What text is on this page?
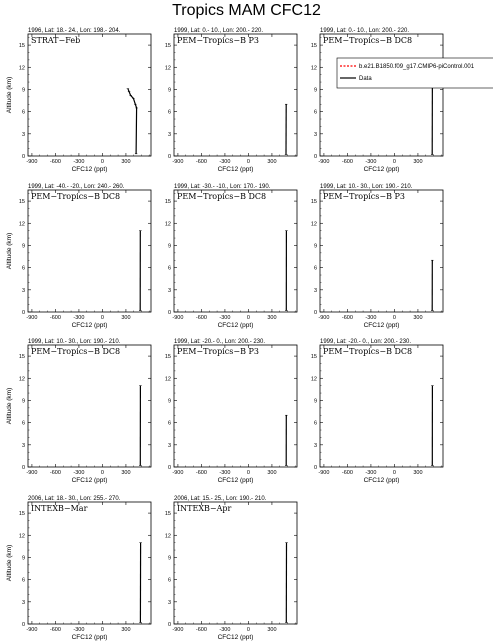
Tropics MAM CFC12
1996, Lat: 18.- 24., Lon: 198.- 204.
STRAT−Feb
-900 -600 -300	0	300
0
3
6
9
12
15
CFC12 (ppt)
Altitude (km)
1999, Lat: 0.- 10., Lon: 200.- 220.
PEM−Tropics−B P3
-900 -600 -300	0	300
0
3
6
9
12
15
CFC12 (ppt)
1999, Lat: 0.- 10., Lon: 200.- 220.
PEM−Tropics−B DC8
-900 -600 -300	0	300
0
3
6
9
12
15
CFC12 (ppt)
1999, Lat: -40.- -20., Lon: 240.- 260.
PEM−Tropics−B DC8
-900 -600 -300	0	300
0
3
6
9
12
15
CFC12 (ppt)
Altitude (km)
1999, Lat: -30.- -10., Lon: 170.- 190.
PEM−Tropics−B DC8
-900 -600 -300	0	300
0
3
6
9
12
15
CFC12 (ppt)
1999, Lat: 10.- 30., Lon: 190.- 210.
PEM−Tropics−B P3
-900 -600 -300	0	300
0
3
6
9
12
15
CFC12 (ppt)
1999, Lat: 10.- 30., Lon: 190.- 210.
PEM−Tropics−B DC8
-900 -600 -300	0	300
0
3
6
9
12
15
CFC12 (ppt)
Altitude (km)
1999, Lat: -20.- 0., Lon: 200.- 230.
PEM−Tropics−B P3
-900 -600 -300	0	300
0
3
6
9
12
15
CFC12 (ppt)
1999, Lat: -20.- 0., Lon: 200.- 230.
PEM−Tropics−B DC8
-900 -600 -300	0	300
0
3
6
9
12
15
CFC12 (ppt)
2006, Lat: 18.- 30., Lon: 255.- 270.
INTEXB−Mar
-900 -600 -300	0	300
0
3
6
9
12
15
CFC12 (ppt)
Altitude (km)
2006, Lat: 15.- 25., Lon: 190.- 210.
INTEXB−Apr
-900 -600 -300	0	300
0
3
6
9
12
15
CFC12 (ppt)
b.e21.B1850.f09_g17.CMIP6-piControl.001
Data
